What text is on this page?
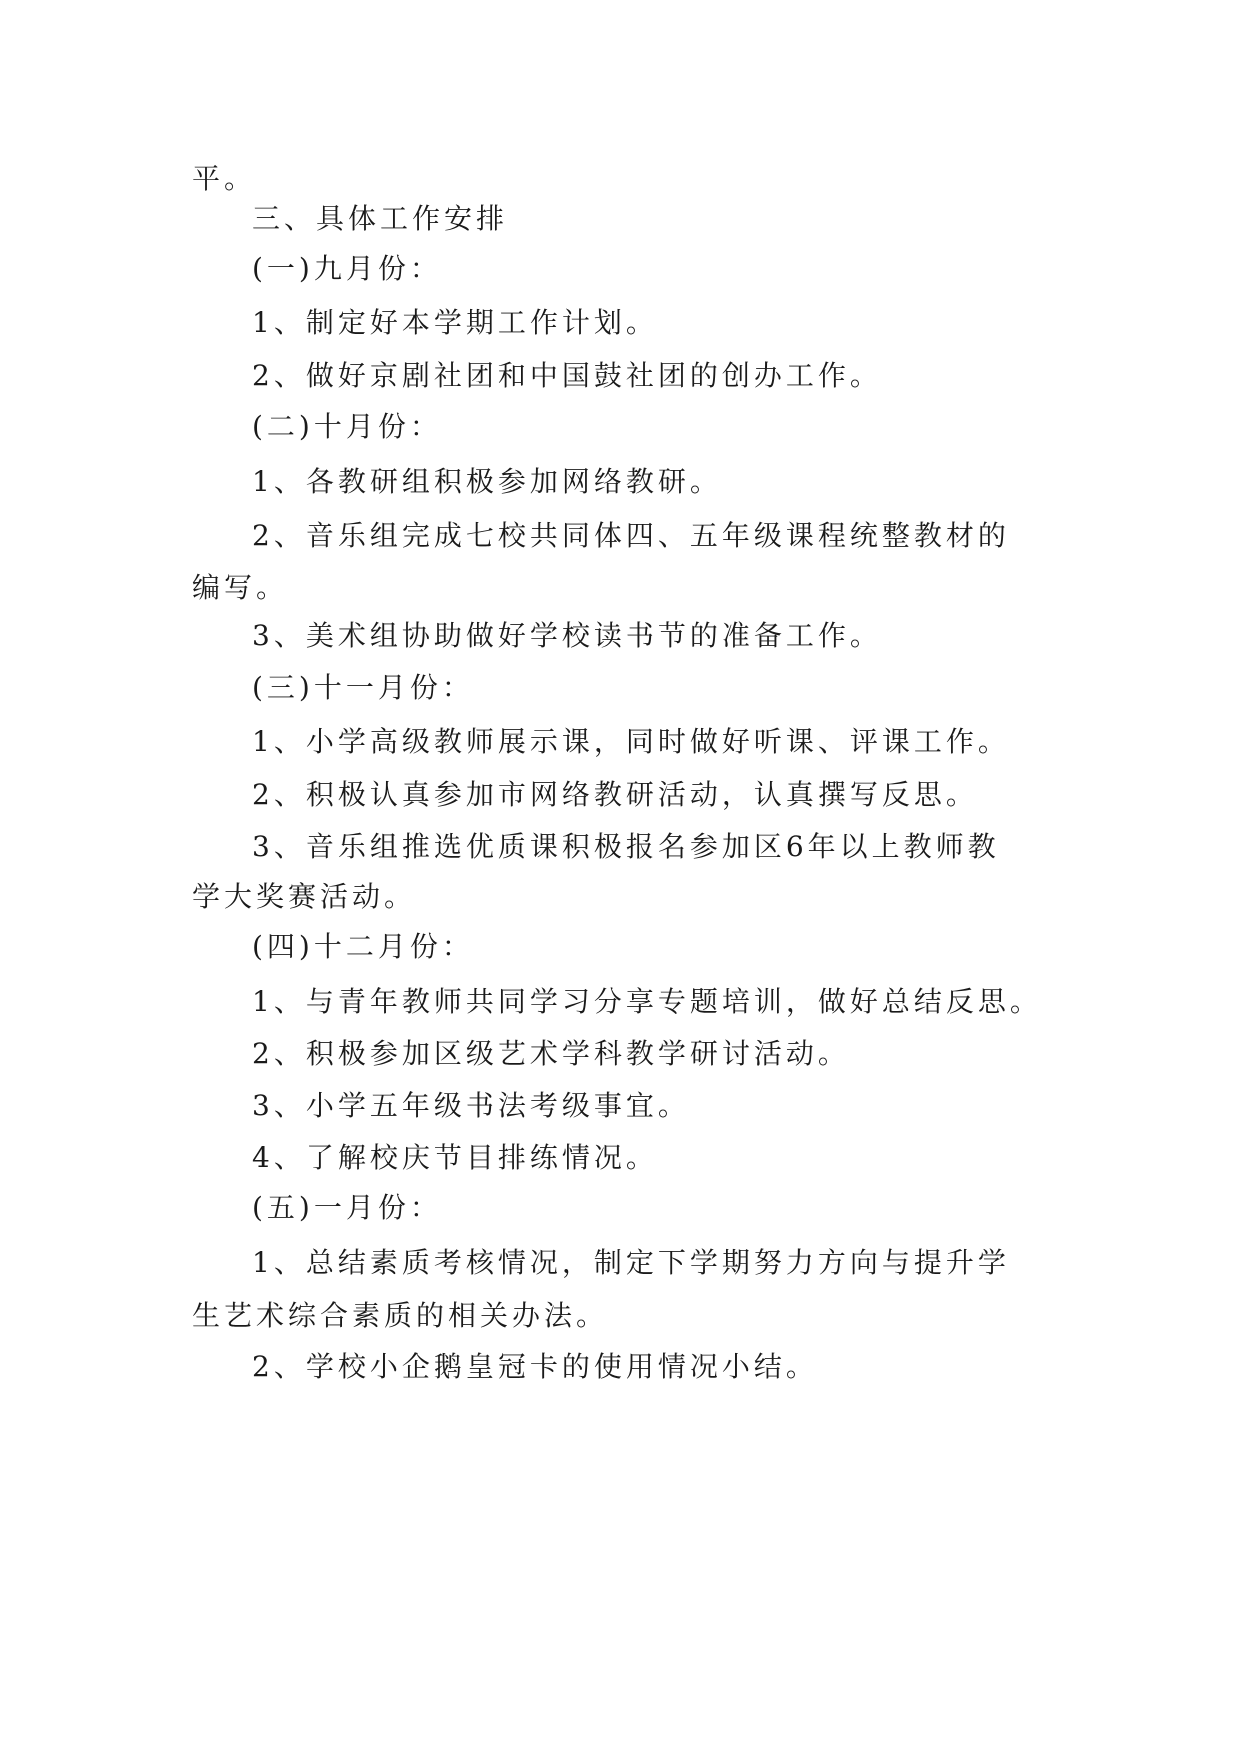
平。
三、具体工作安排
(一)九月份：
1、制定好本学期工作计划。
2、做好京剧社团和中国鼓社团的创办工作。
(二)十月份：
1、各教研组积极参加网络教研。
2、音乐组完成七校共同体四、五年级课程统整教材的
编写。
3、美术组协助做好学校读书节的准备工作。
(三)十一月份：
1、小学高级教师展示课，同时做好听课、评课工作。
2、积极认真参加市网络教研活动，认真撰写反思。
3、音乐组推选优质课积极报名参加区6年以上教师教
学大奖赛活动。
(四)十二月份：
1、与青年教师共同学习分享专题培训，做好总结反思。
2、积极参加区级艺术学科教学研讨活动。
3、小学五年级书法考级事宜。
4、了解校庆节目排练情况。
(五)一月份：
1、总结素质考核情况，制定下学期努力方向与提升学
生艺术综合素质的相关办法。
2、学校小企鹅皇冠卡的使用情况小结。
